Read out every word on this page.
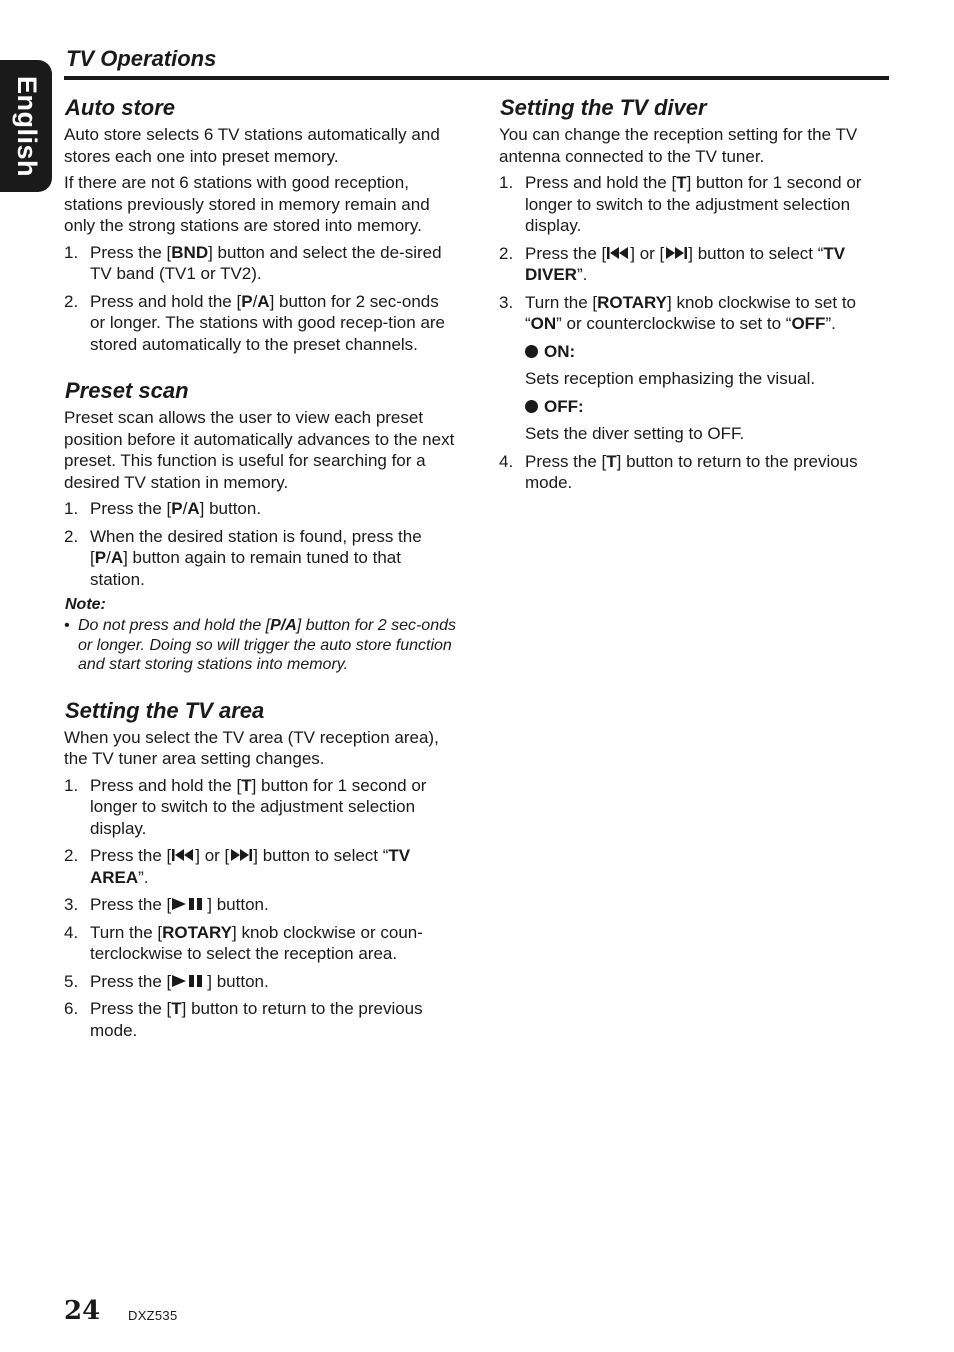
English
TV Operations
Auto store

Auto store selects 6 TV stations automatically and stores each one into preset memory.

If there are not 6 stations with good reception, stations previously stored in memory remain and only the strong stations are stored into memory.

1. Press the [BND] button and select the de-sired TV band (TV1 or TV2).
2. Press and hold the [P/A] button for 2 sec-onds or longer. The stations with good recep-tion are stored automatically to the preset channels.
Preset scan

Preset scan allows the user to view each preset position before it automatically advances to the next preset. This function is useful for searching for a desired TV station in memory.

1. Press the [P/A] button.
2. When the desired station is found, press the [P/A] button again to remain tuned to that station.
Note:
• Do not press and hold the [P/A] button for 2 sec-onds or longer. Doing so will trigger the auto store function and start storing stations into memory.
Setting the TV area

When you select the TV area (TV reception area), the TV tuner area setting changes.

1. Press and hold the [T] button for 1 second or longer to switch to the adjustment selection display.
2. Press the [ ] or [ ] button to select “TV AREA”.
3. Press the [ ] button.
4. Turn the [ROTARY] knob clockwise or coun-terclockwise to select the reception area.
5. Press the [ ] button.
6. Press the [T] button to return to the previous mode.
Setting the TV diver

You can change the reception setting for the TV antenna connected to the TV tuner.

1. Press and hold the [T] button for 1 second or longer to switch to the adjustment selection display.
2. Press the [ ] or [ ] button to select “TV DIVER”.
3. Turn the [ROTARY] knob clockwise to set to “ON” or counterclockwise to set to “OFF”.
ON:

Sets reception emphasizing the visual.

OFF:

Sets the diver setting to OFF.

4. Press the [T] button to return to the previous mode.
24 DXZ535
